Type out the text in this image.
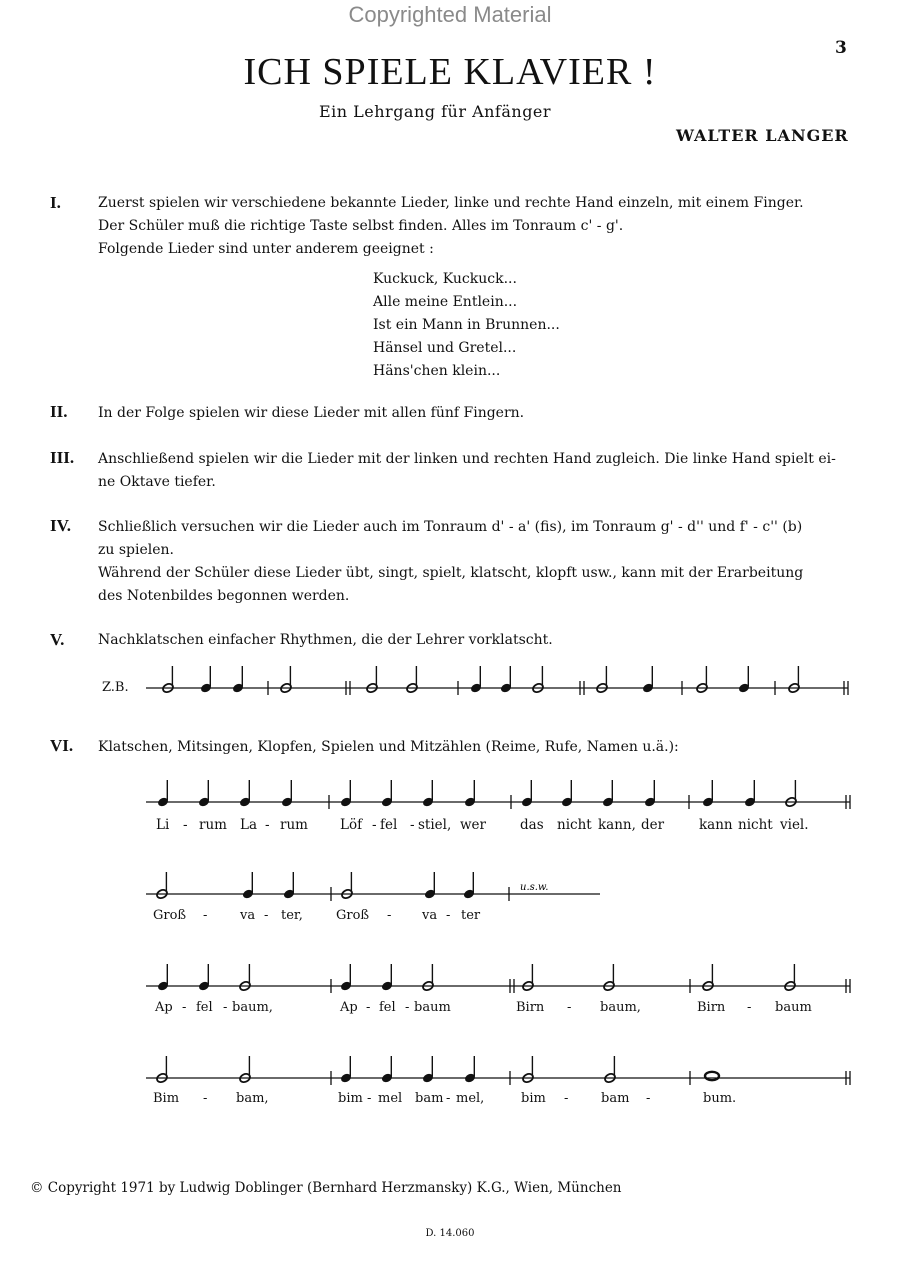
Copyrighted Material
3
ICH SPIELE KLAVIER !
Ein Lehrgang für Anfänger
WALTER LANGER
I.	Zuerst spielen wir verschiedene bekannte Lieder, linke und rechte Hand einzeln, mit einem Finger.
Der Schüler muß die richtige Taste selbst finden. Alles im Tonraum c' - g'.
Folgende Lieder sind unter anderem geeignet :
Kuckuck, Kuckuck...
Alle meine Entlein...
Ist ein Mann in Brunnen...
Hänsel und Gretel...
Häns'chen klein...
II. In der Folge spielen wir diese Lieder mit allen fünf Fingern.
III. Anschließend spielen wir die Lieder mit der linken und rechten Hand zugleich. Die linke Hand spielt ei-
ne Oktave tiefer.
IV. Schließlich versuchen wir die Lieder auch im Tonraum d' - a' (fis), im Tonraum g' - d'' und f' - c'' (b)
zu spielen.
Während der Schüler diese Lieder übt, singt, spielt, klatscht, klopft usw., kann mit der Erarbeitung
des Notenbildes begonnen werden.
V. Nachklatschen einfacher Rhythmen, die der Lehrer vorklatscht.
Z.B.
VI. Klatschen, Mitsingen, Klopfen, Spielen und Mitzählen (Reime, Rufe, Namen u.ä.):
u.s.w.
Li - rum La - rum Löf - fel - stiel, wer	das nicht kann, der	kann nicht viel.
Groß -	va - ter,	Groß - va - ter
Ap - fel - baum,	Ap - fel - baum	Birn - baum,	Birn - baum
Bim - bam,	bim - mel bam - mel,	bim -	bam -	bum.
© Copyright 1971 by Ludwig Doblinger (Bernhard Herzmansky) K.G., Wien, München
D. 14.060
